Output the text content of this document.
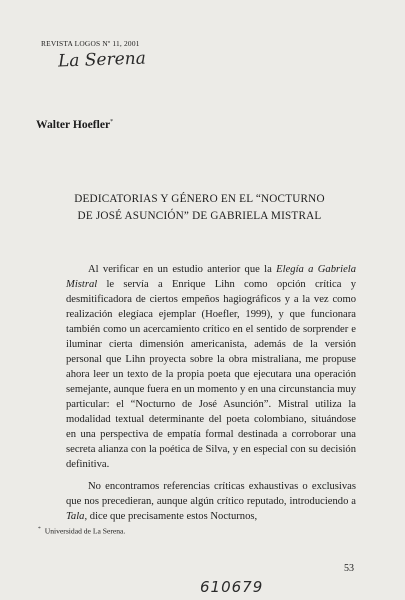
REVISTA LOGOS Nº 11, 2001
La Serena
Walter Hoefler*
DEDICATORIAS Y GÉNERO EN EL “NOCTURNO
DE JOSÉ ASUNCIÓN” DE GABRIELA MISTRAL

Al verificar en un estudio anterior que la Elegía a Gabriela Mistral le servía a Enrique Lihn como opción crítica y desmitificadora de ciertos empeños hagiográficos y a la vez como realización elegíaca ejemplar (Hoefler, 1999), y que funcionara también como un acercamiento crítico en el sentido de sorprender e iluminar cierta dimensión americanista, además de la versión personal que Lihn proyecta sobre la obra mistraliana, me propuse ahora leer un texto de la propia poeta que ejecutara una operación semejante, aunque fuera en un momento y en una circunstancia muy particular: el “Nocturno de José Asunción”. Mistral utiliza la modalidad textual determinante del poeta colombiano, situándose en una perspectiva de empatía formal destinada a corroborar una secreta alianza con la poética de Silva, y en especial con su decisión definitiva.

No encontramos referencias críticas exhaustivas o exclusivas que nos precedieran, aunque algún crítico reputado, introduciendo a Tala, dice que precisamente estos Nocturnos,

* Universidad de La Serena.
53
610679
